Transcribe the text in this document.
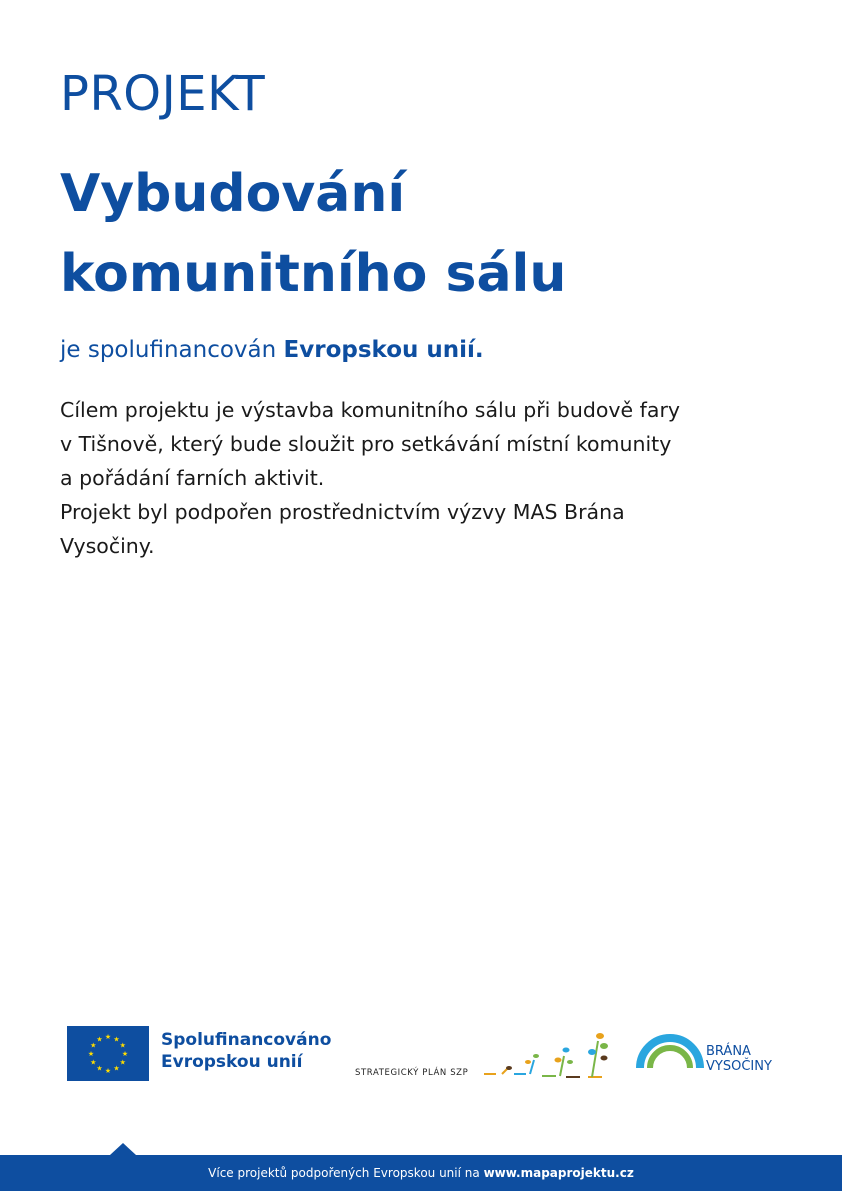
PROJEKT
Vybudování
komunitního sálu
je spolufinancován Evropskou unií.
Cílem projektu je výstavba komunitního sálu při budově fary
v Tišnově, který bude sloužit pro setkávání místní komunity
a pořádání farních aktivit.
Projekt byl podpořen prostřednictvím výzvy MAS Brána
Vysočiny.
★ ★
★
★
★
★
★
★
★
★
★
★	Spolufinancováno
Evropskou unií
STRATEGICKÝ PLÁN SZP
BRÁNA
VYSOČINY
Více projektů podpořených Evropskou unií na www.mapaprojektu.cz
